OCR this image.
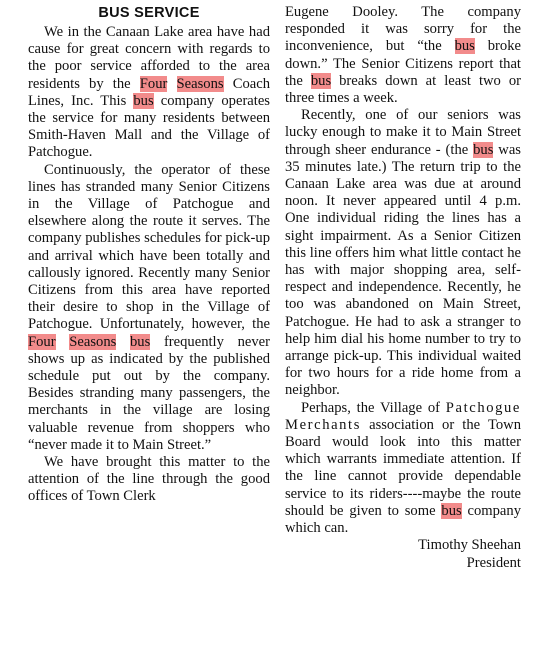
BUS SERVICE

We in the Canaan Lake area have had cause for great concern with regards to the poor service afforded to the area residents by the Four Seasons Coach Lines, Inc. This bus company operates the service for many residents between Smith-Haven Mall and the Village of Patchogue.

Continuously, the operator of these lines has stranded many Senior Citizens in the Village of Patchogue and elsewhere along the route it serves. The company publishes schedules for pick-up and arrival which have been totally and callously ignored. Recently many Senior Citizens from this area have reported their desire to shop in the Village of Patchogue. Unfortunately, however, the Four Seasons bus frequently never shows up as indicated by the published schedule put out by the company. Besides stranding many passengers, the merchants in the village are losing valuable revenue from shoppers who “never made it to Main Street.”

We have brought this matter to the attention of the line through the good offices of Town Clerk

Eugene Dooley. The company responded it was sorry for the inconvenience, but “the bus broke down.” The Senior Citizens report that the bus breaks down at least two or three times a week.

Recently, one of our seniors was lucky enough to make it to Main Street through sheer endurance - (the bus was 35 minutes late.) The return trip to the Canaan Lake area was due at around noon. It never appeared until 4 p.m. One individual riding the lines has a sight impairment. As a Senior Citizen this line offers him what little contact he has with major shopping area, self-respect and independence. Recently, he too was abandoned on Main Street, Patchogue. He had to ask a stranger to help him dial his home number to try to arrange pick-up. This individual waited for two hours for a ride home from a neighbor.

Perhaps, the Village of Patchogue Merchants association or the Town Board would look into this matter which warrants immediate attention. If the line cannot provide dependable service to its riders----maybe the route should be given to some bus company which can.

Timothy Sheehan

President
